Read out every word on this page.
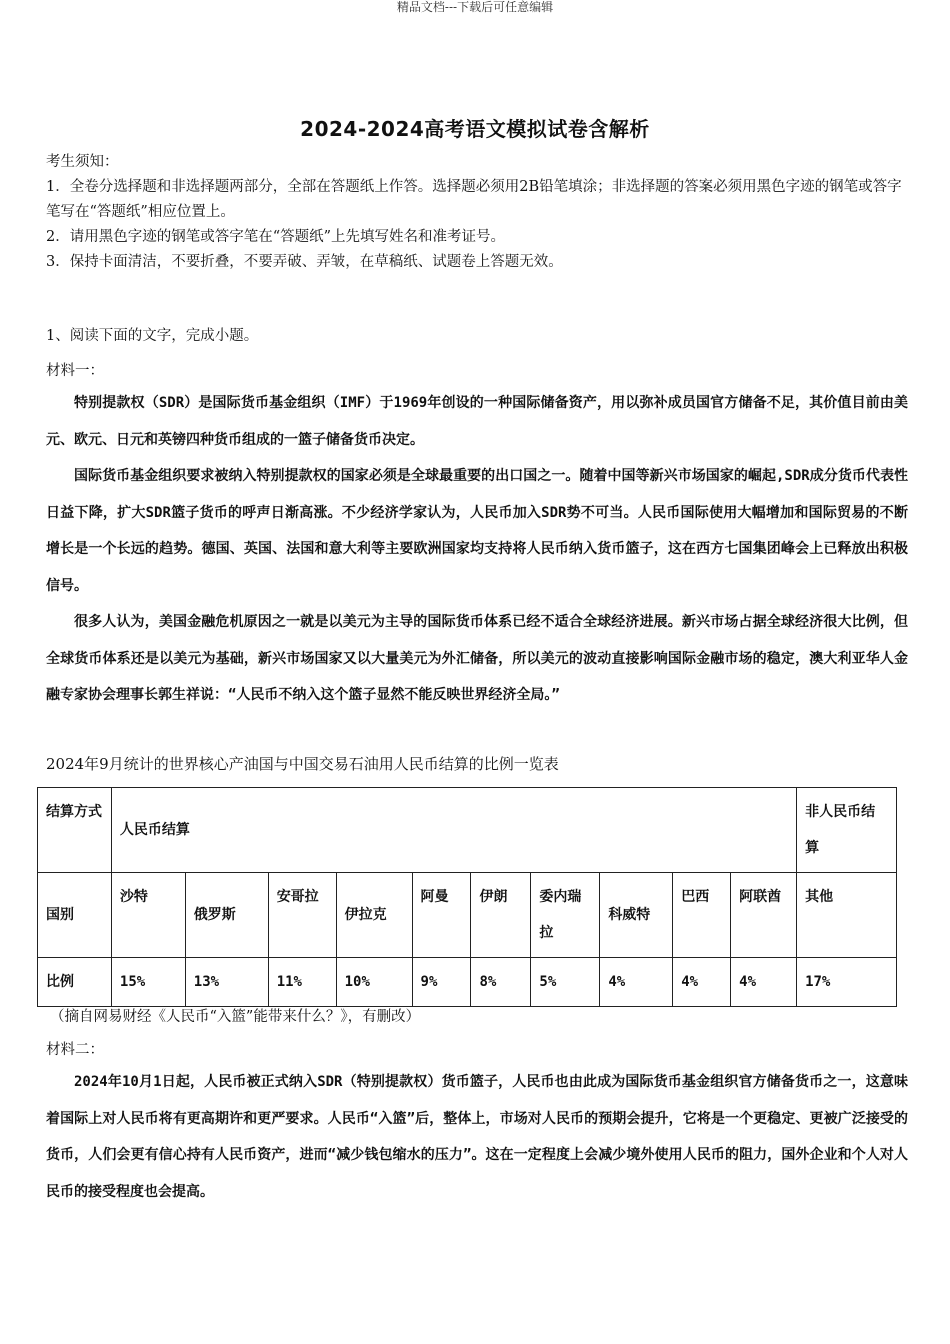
精品文档---下载后可任意编辑
2024-2024高考语文模拟试卷含解析

考生须知：

1．全卷分选择题和非选择题两部分，全部在答题纸上作答。选择题必须用2B铅笔填涂；非选择题的答案必须用黑色字迹的钢笔或答字笔写在“答题纸”相应位置上。

2．请用黑色字迹的钢笔或答字笔在“答题纸”上先填写姓名和准考证号。

3．保持卡面清洁，不要折叠，不要弄破、弄皱，在草稿纸、试题卷上答题无效。

1、阅读下面的文字，完成小题。
材料一：

特别提款权（SDR）是国际货币基金组织（IMF）于1969年创设的一种国际储备资产，用以弥补成员国官方储备不足，其价值目前由美元、欧元、日元和英镑四种货币组成的一篮子储备货币决定。

国际货币基金组织要求被纳入特别提款权的国家必须是全球最重要的出口国之一。随着中国等新兴市场国家的崛起,SDR成分货币代表性日益下降，扩大SDR篮子货币的呼声日渐高涨。不少经济学家认为，人民币加入SDR势不可当。人民币国际使用大幅增加和国际贸易的不断增长是一个长远的趋势。德国、英国、法国和意大利等主要欧洲国家均支持将人民币纳入货币篮子，这在西方七国集团峰会上已释放出积极信号。

很多人认为，美国金融危机原因之一就是以美元为主导的国际货币体系已经不适合全球经济进展。新兴市场占据全球经济很大比例，但全球货币体系还是以美元为基础，新兴市场国家又以大量美元为外汇储备，所以美元的波动直接影响国际金融市场的稳定，澳大利亚华人金融专家协会理事长郭生祥说：“人民币不纳入这个篮子显然不能反映世界经济全局。”

2024年9月统计的世界核心产油国与中国交易石油用人民币结算的比例一览表
结算方式	人民币结算										非人民币结算
国别	沙特	俄罗斯	安哥拉	伊拉克	阿曼	伊朗	委内瑞拉	科威特	巴西	阿联酋	其他
比例	15%	13%	11%	10%	9%	8%	5%	4%	4%	4%	17%
（摘自网易财经《人民币“入篮”能带来什么？》，有删改）
材料二：

2024年10月1日起，人民币被正式纳入SDR（特别提款权）货币篮子，人民币也由此成为国际货币基金组织官方储备货币之一，这意味着国际上对人民币将有更高期许和更严要求。人民币“入篮”后，整体上，市场对人民币的预期会提升，它将是一个更稳定、更被广泛接受的货币，人们会更有信心持有人民币资产，进而“减少钱包缩水的压力”。这在一定程度上会减少境外使用人民币的阻力，国外企业和个人对人民币的接受程度也会提高。
